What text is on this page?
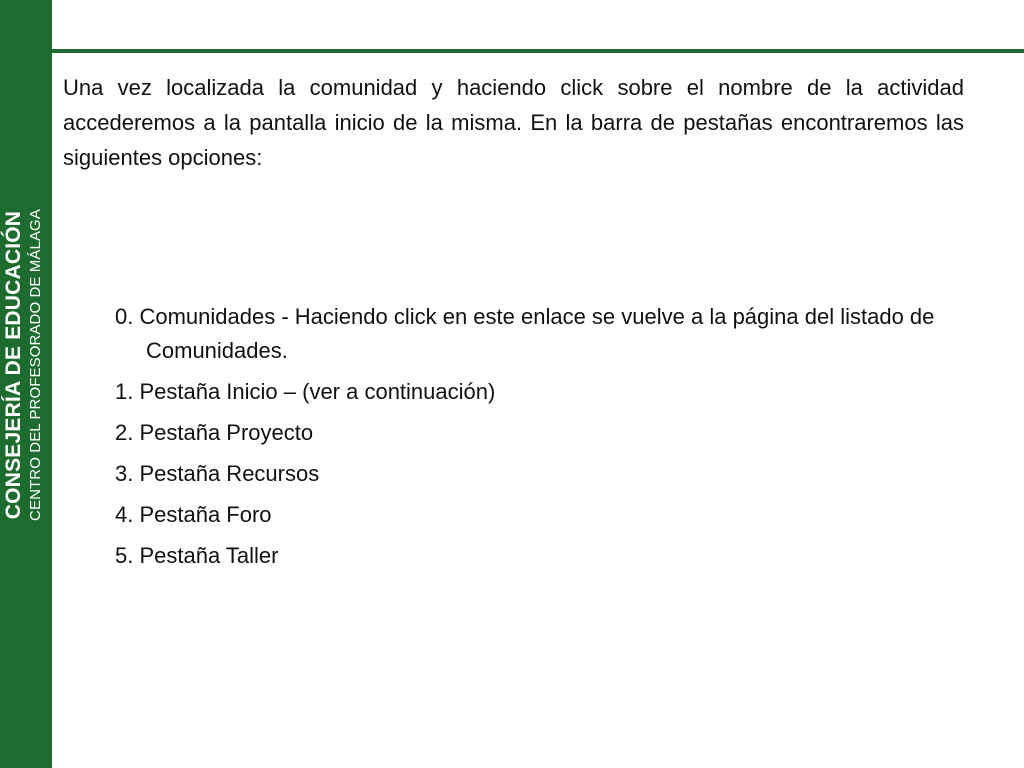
CONSEJERÍA DE EDUCACIÓN CENTRO DEL PROFESORADO DE MÁLAGA

Una vez localizada la comunidad y haciendo click sobre el nombre de la actividad accederemos a la pantalla inicio de la misma. En la barra de pestañas encontraremos las siguientes opciones:

0. Comunidades - Haciendo click en este enlace se vuelve a la página del listado de Comunidades.
1. Pestaña Inicio – (ver a continuación)
2. Pestaña Proyecto
3. Pestaña Recursos
4. Pestaña Foro
5. Pestaña Taller
